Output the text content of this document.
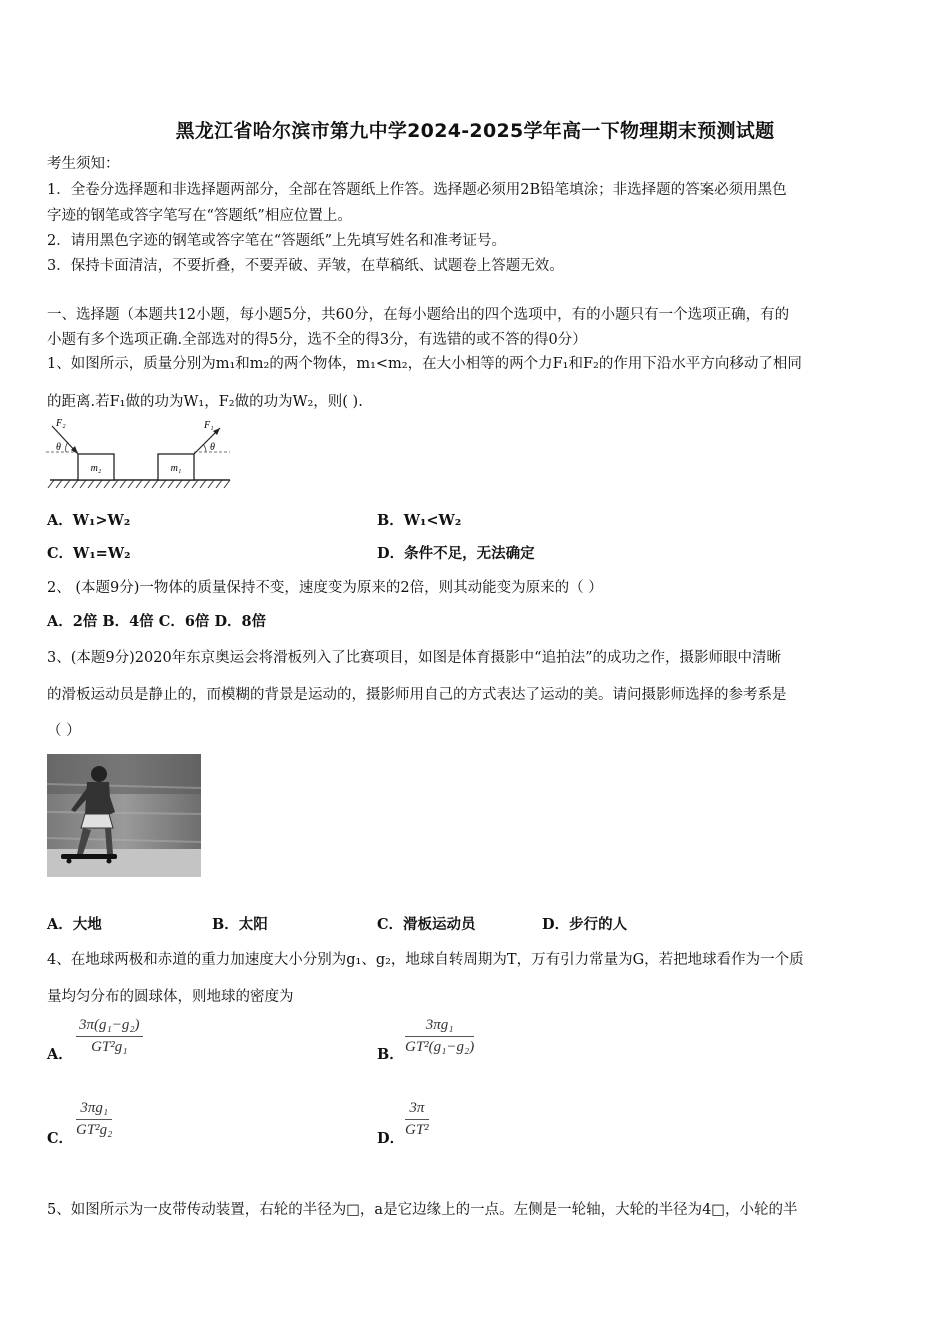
黑龙江省哈尔滨市第九中学2024-2025学年高一下物理期末预测试题
考生须知：
1．全卷分选择题和非选择题两部分，全部在答题纸上作答。选择题必须用2B铅笔填涂；非选择题的答案必须用黑色
字迹的钢笔或答字笔写在“答题纸”相应位置上。
2．请用黑色字迹的钢笔或答字笔在“答题纸”上先填写姓名和准考证号。
3．保持卡面清洁，不要折叠，不要弄破、弄皱，在草稿纸、试题卷上答题无效。
一、选择题（本题共12小题，每小题5分，共60分，在每小题给出的四个选项中，有的小题只有一个选项正确，有的
小题有多个选项正确.全部选对的得5分，选不全的得3分，有选错的或不答的得0分）
1、如图所示，质量分别为m₁和m₂的两个物体，m₁<m₂，在大小相等的两个力F₁和F₂的作用下沿水平方向移动了相同
的距离.若F₁做的功为W₁，F₂做的功为W₂，则( ).
m₂	m₁
F₂
θ
F₁
θ
A．W₁>W₂	B．W₁<W₂
C．W₁=W₂	D．条件不足，无法确定
2、 (本题9分)一物体的质量保持不变，速度变为原来的2倍，则其动能变为原来的（ ）
A．2倍 B．4倍 C．6倍 D．8倍
3、(本题9分)2020年东京奥运会将滑板列入了比赛项目，如图是体育摄影中“追拍法”的成功之作，摄影师眼中清晰
的滑板运动员是静止的，而模糊的背景是运动的，摄影师用自己的方式表达了运动的美。请问摄影师选择的参考系是
（ ）
A．大地	B．太阳	C．滑板运动员	D．步行的人
4、在地球两极和赤道的重力加速度大小分别为g₁、g₂，地球自转周期为T，万有引力常量为G，若把地球看作为一个质
量均匀分布的圆球体，则地球的密度为
A． $\frac{\text{3π(g₁−g₂)}}{\text{GT²g₁}}$	B． $\frac{\text{3πg₁}}{\text{GT²(g₁−g₂)}}$
C． $\frac{\text{3πg₁}}{\text{GT²g₂}}$	D． $\frac{3\pi}{\text{GT²}}$
5、如图所示为一皮带传动装置，右轮的半径为□，a是它边缘上的一点。左侧是一轮轴，大轮的半径为4□，小轮的半
